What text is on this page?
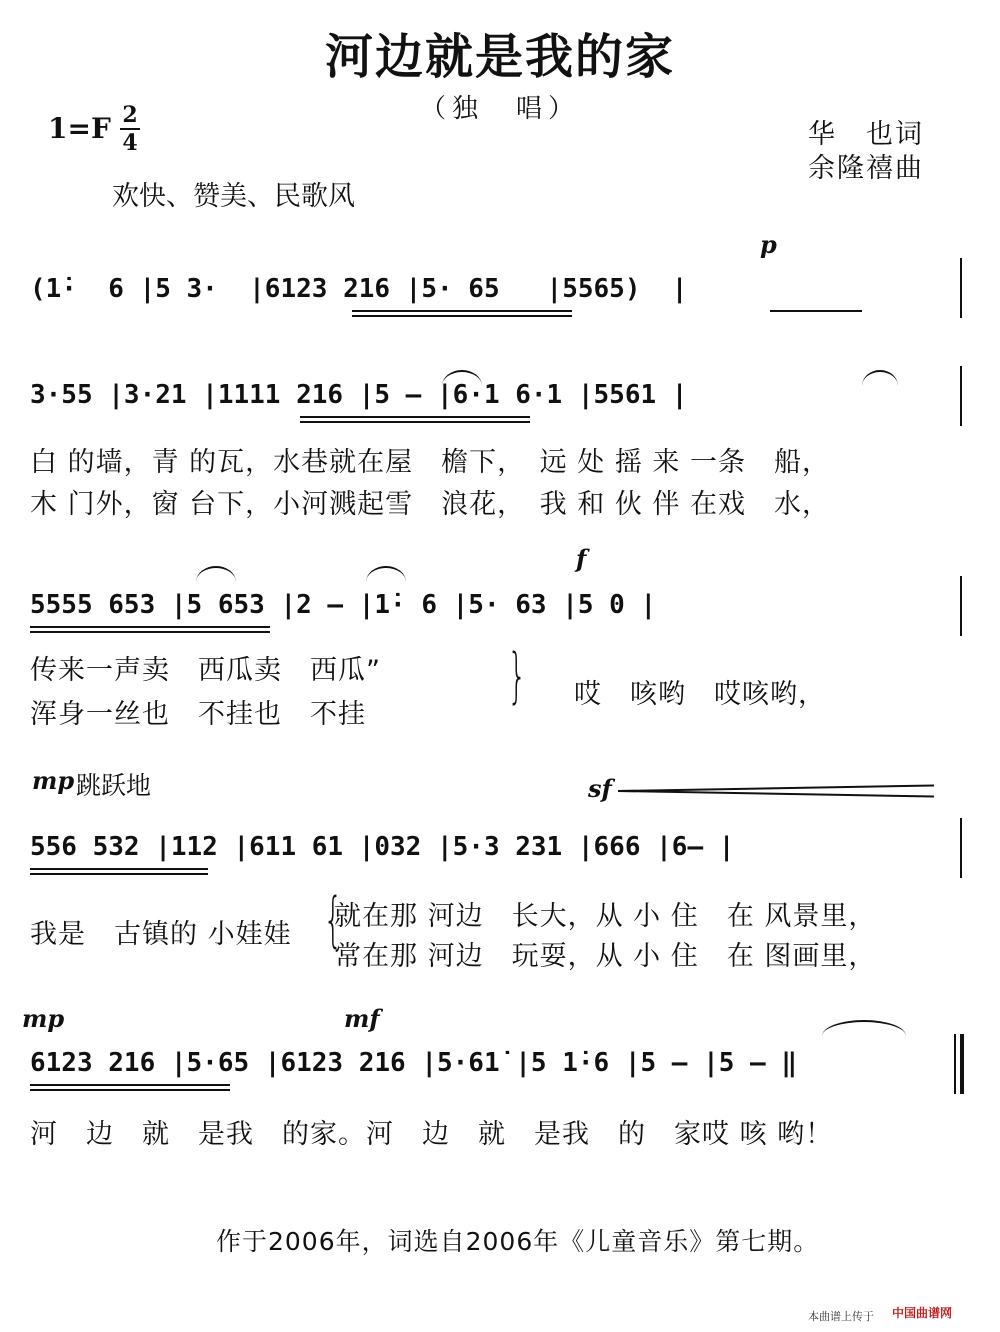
河边就是我的家
（独　唱）
1=F 2
4	华　也词
余隆禧曲
欢快、赞美、民歌风
p
(1̇·  6 |5 3·  |6123 216 |5· 65   |5565)  |
3·55 |3·21 |1111 216 |5 – |6·1 6·1 |5561 |
白 的墙，青 的瓦，水巷就在屋　檐下，　远 处 摇 来 一条　船，
木 门外，窗 台下，小河溅起雪　浪花，　我 和 伙 伴 在戏　水，
f
5555 653 |5 653 |2 – |1̇· 6 |5· 63 |5 0 |
传来一声卖　西瓜卖　西瓜”
浑身一丝也　不挂也　不挂
} 哎　咳哟　哎咳哟，
mp 跳跃地	sf
556 532 |112 |611 61 |032 |5·3 231 |666 |6– |
我是　古镇的 小娃娃 {
就在那 河边　长大，从 小 住　在 风景里，
常在那 河边　玩耍，从 小 住　在 图画里，
mp	mf
6123 216 |5·65 |6123 216 |5·61̇ |5 1̇·6 |5 – |5 – ‖
河　边　就　是我　的家。河　边　就　是我　的　家哎 咳 哟！
作于2006年，词选自2006年《儿童音乐》第七期。
本曲谱上传于 中国曲谱网
